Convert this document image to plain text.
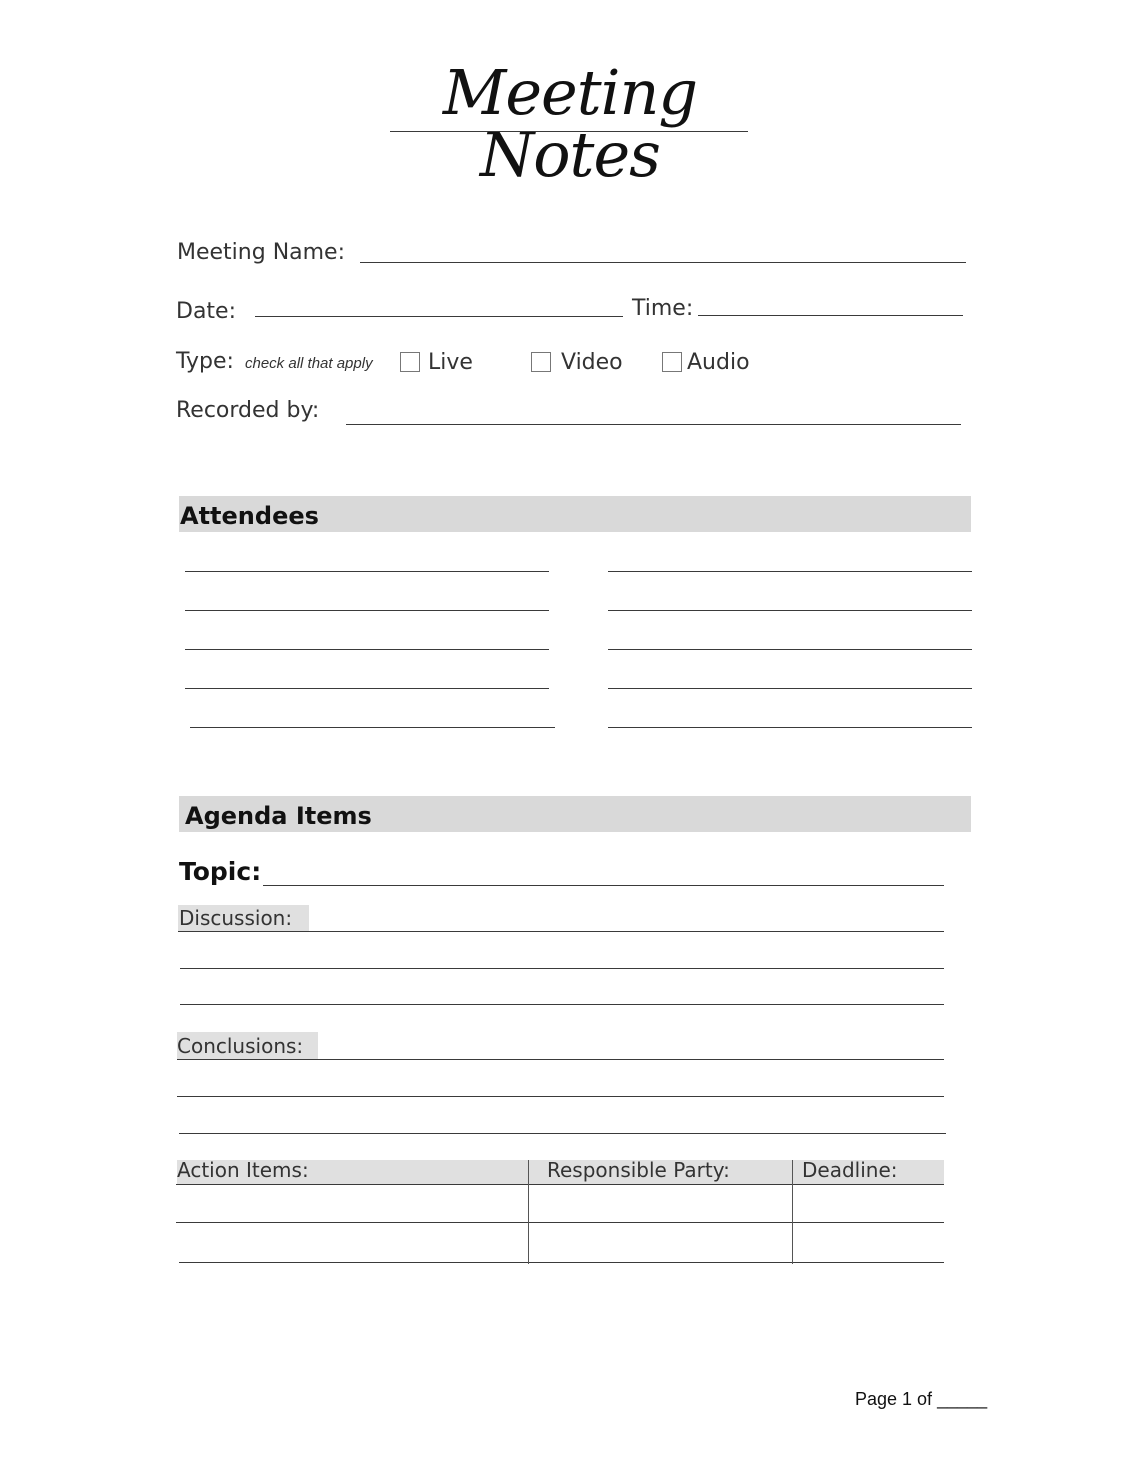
Meeting Notes
Meeting Name:
Date:	Time:
Type: check all that apply	Live	Video	Audio
Recorded by:
Attendees
Agenda Items
Topic:
Discussion:
Conclusions:
Action Items:	Responsible Party:	Deadline:
Page 1 of _____
